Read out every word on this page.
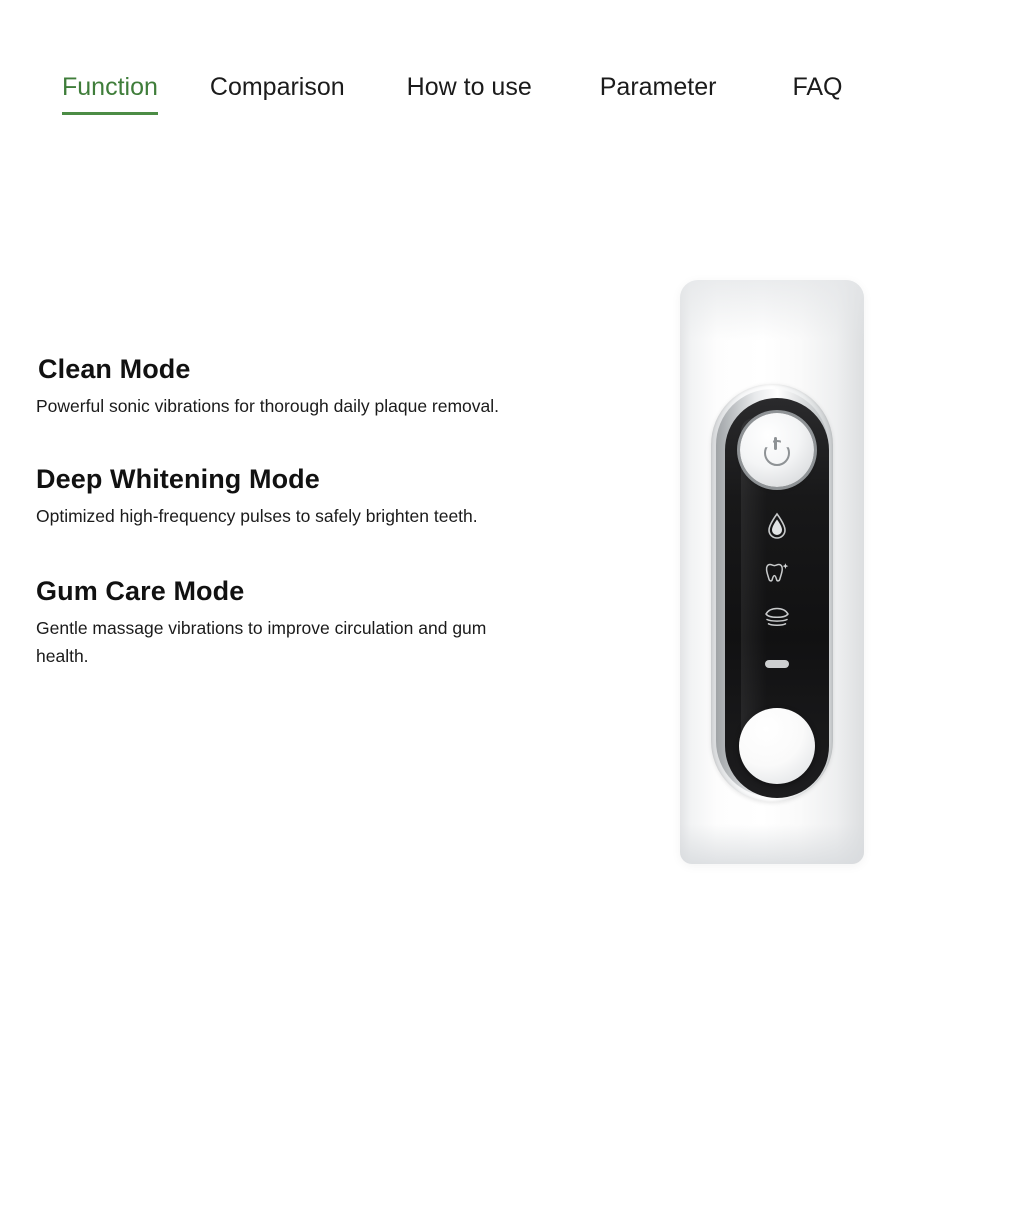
Function Comparison How to use	Parameter	FAQ
Clean Mode

Powerful sonic vibrations for thorough daily plaque removal.

Deep Whitening Mode

Optimized high-frequency pulses to safely brighten teeth.

Gum Care Mode

Gentle massage vibrations to improve circulation and gum health.
